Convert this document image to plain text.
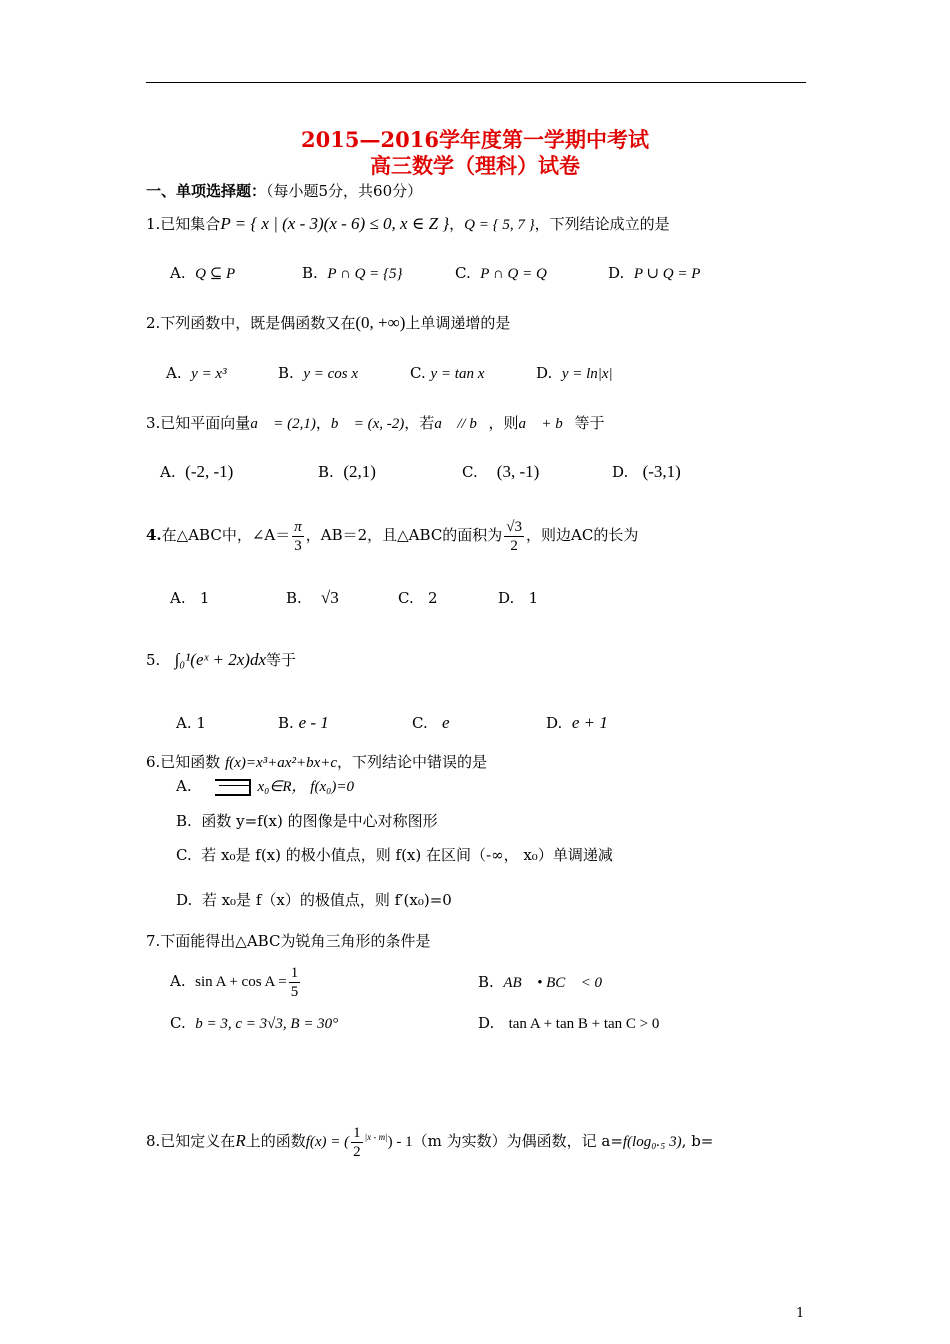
2015—2016学年度第一学期中考试
高三数学（理科）试卷
一、单项选择题：（每小题5分，共60分）
1.已知集合P = { x | (x - 3)(x - 6) ≤ 0, x ∈ Z }，Q = { 5, 7 }，下列结论成立的是
A. Q ⊆ P	B. P ∩ Q = {5}	C. P ∩ Q = Q	D. P ∪ Q = P
2.下列函数中，既是偶函数又在(0, +∞)上单调递增的是
A. y = x³	B. y = cos x	C. y = tan x	D. y = ln|x|
3.已知平面向量a⃗ = (2,1)，b⃗ = (x, -2)，若a⃗ // b⃗，则a⃗ + b⃗等于
A. (-2, -1)	B. (2,1)	C. (3, -1)	D. (-3,1)
4.在△ABC中，∠A＝ $\frac{\pi}{3}$ ，AB＝2，且△ABC的面积为 $\frac{√3}{2}$ ，则边AC的长为
A. 1	B. √3	C. 2	D. 1
5. ∫₀¹(eˣ + 2x)dx等于
A. 1	B. e - 1	C. e	D. e + 1
6.已知函数 f(x)=x³+ax²+bx+c，下列结论中错误的是
A.	x₀∈R， f(x₀)=0
B. 函数 y=f(x) 的图像是中心对称图形
C. 若 x₀是 f(x) 的极小值点，则 f(x) 在区间（-∞， x₀）单调递减
D. 若 x₀是 f（x）的极值点，则 f′(x₀)=0
7.下面能得出△ABC为锐角三角形的条件是
A. $\sin A + \cos A = \frac{1}{5}$	B. AB⃗ • BC⃗ < 0
C. b = 3, c = 3√3, B = 30°	D. tan A + tan B + tan C > 0
8.已知定义在R上的函数f(x) = ( $\frac{1}{2} ^{|x - m|}) - 1(m$ 为实数）为偶函数，记 a=f(log₀.₅ 3), b=
1
